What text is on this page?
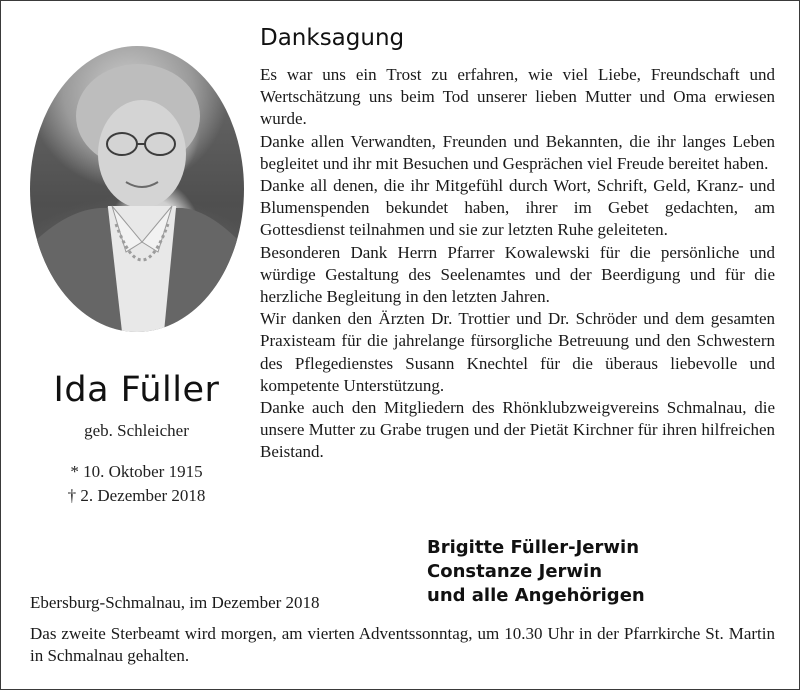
Ida Füller
geb. Schleicher
* 10. Oktober 1915
† 2. Dezember 2018
Danksagung

Es war uns ein Trost zu erfahren, wie viel Liebe, Freundschaft und Wertschätzung uns beim Tod unserer lieben Mutter und Oma erwiesen wurde.

Danke allen Verwandten, Freunden und Bekannten, die ihr langes Leben begleitet und ihr mit Besuchen und Gesprächen viel Freude bereitet haben.

Danke all denen, die ihr Mitgefühl durch Wort, Schrift, Geld, Kranz- und Blumenspenden bekundet haben, ihrer im Gebet gedachten, am Gottesdienst teilnahmen und sie zur letzten Ruhe geleiteten.

Besonderen Dank Herrn Pfarrer Kowalewski für die persönliche und würdige Gestaltung des Seelenamtes und der Beerdigung und für die herzliche Begleitung in den letzten Jahren.

Wir danken den Ärzten Dr. Trottier und Dr. Schröder und dem gesamten Praxisteam für die jahrelange fürsorgliche Betreuung und den Schwestern des Pflegedienstes Susann Knechtel für die überaus liebevolle und kompetente Unterstützung.

Danke auch den Mitgliedern des Rhönklubzweigvereins Schmalnau, die unsere Mutter zu Grabe trugen und der Pietät Kirchner für ihren hilfreichen Beistand.

Brigitte Füller-Jerwin
Constanze Jerwin
und alle Angehörigen
Ebersburg-Schmalnau, im Dezember 2018
Das zweite Sterbeamt wird morgen, am vierten Adventssonntag, um 10.30 Uhr in der Pfarrkirche St. Martin in Schmalnau gehalten.
